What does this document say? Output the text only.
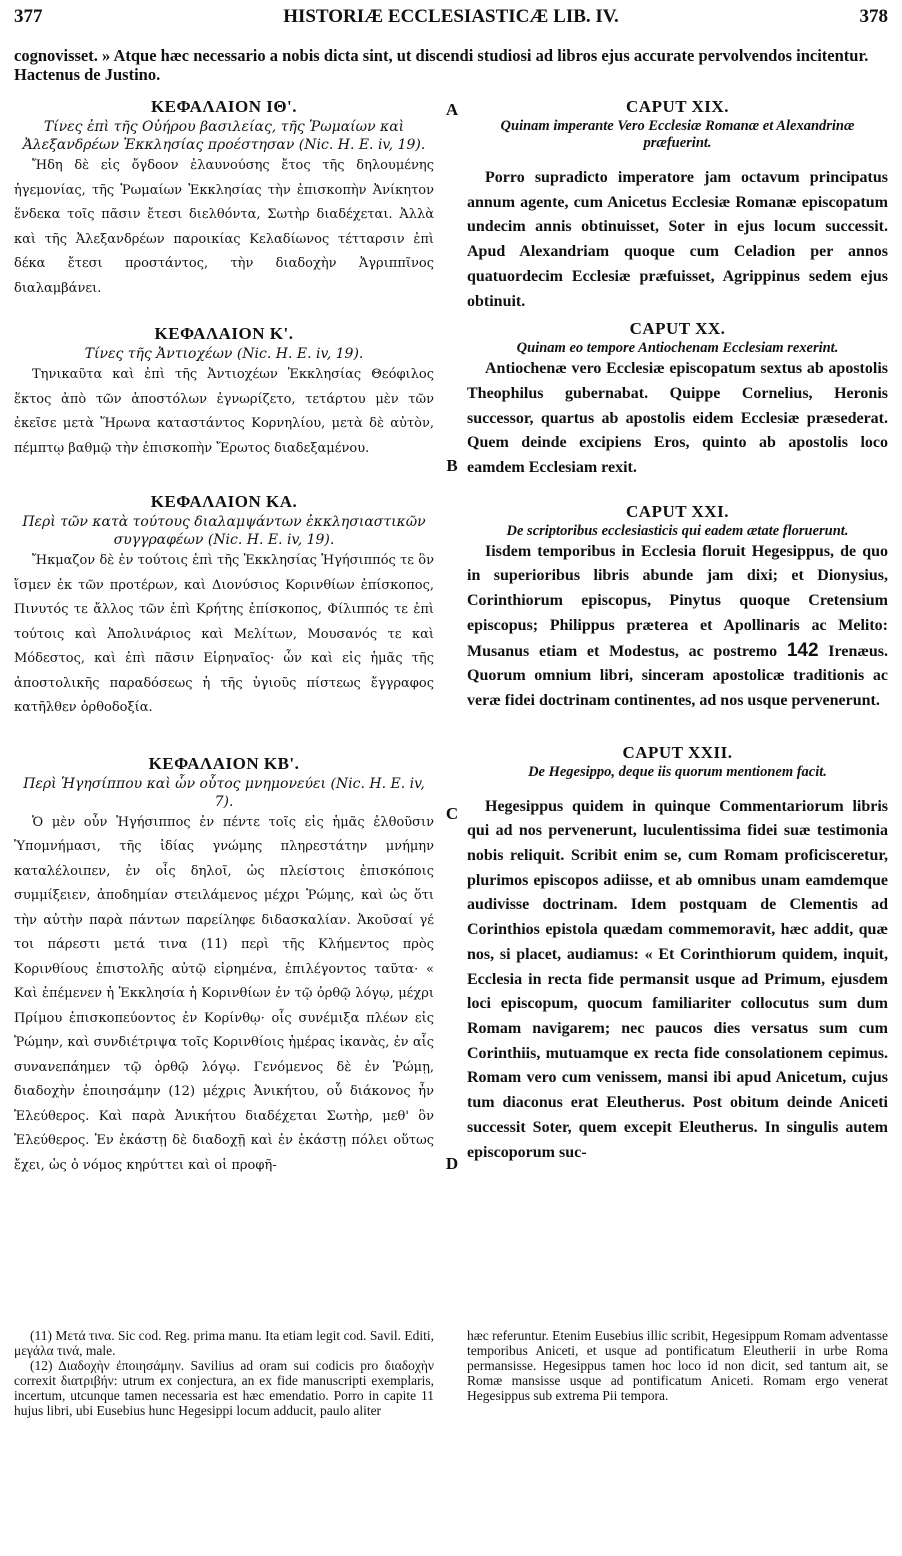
377	HISTORIÆ ECCLESIASTICÆ LIB. IV.	378
cognovisset. » Atque hæc necessario a nobis dicta sint, ut discendi studiosi ad libros ejus accurate pervolvendos incitentur. Hactenus de Justino.
ΚΕΦΑΛΑΙΟΝ ΙΘ'.
Τίνες ἐπὶ τῆς Οὐήρου βασιλείας, τῆς Ῥωμαίων καὶ Ἀλεξανδρέων Ἐκκλησίας προέστησαν (Nic. H. E. iv, 19).
Ἤδη δὲ εἰς ὄγδοον ἐλαυνούσης ἔτος τῆς δηλουμένης ἡγεμονίας, τῆς Ῥωμαίων Ἐκκλησίας τὴν ἐπισκοπὴν Ἀνίκητον ἕνδεκα τοῖς πᾶσιν ἔτεσι διελθόντα, Σωτὴρ διαδέχεται. Ἀλλὰ καὶ τῆς Ἀλεξανδρέων παροικίας Κελαδίωνος τέτταρσιν ἐπὶ δέκα ἔτεσι προστάντος, τὴν διαδοχὴν Ἀγριππῖνος διαλαμβάνει.
ΚΕΦΑΛΑΙΟΝ Κ'.
Τίνες τῆς Ἀντιοχέων (Nic. H. E. iv, 19).
Τηνικαῦτα καὶ ἐπὶ τῆς Ἀντιοχέων Ἐκκλησίας Θεόφιλος ἕκτος ἀπὸ τῶν ἀποστόλων ἐγνωρίζετο, τετάρτου μὲν τῶν ἐκεῖσε μετὰ Ἥρωνα καταστάντος Κορνηλίου, μετὰ δὲ αὐτὸν, πέμπτῳ βαθμῷ τὴν ἐπισκοπὴν Ἔρωτος διαδεξαμένου.
ΚΕΦΑΛΑΙΟΝ ΚΑ.
Περὶ τῶν κατὰ τούτους διαλαμψάντων ἐκκλησιαστικῶν συγγραφέων (Nic. H. E. iv, 19).
Ἤκμαζον δὲ ἐν τούτοις ἐπὶ τῆς Ἐκκλησίας Ἡγήσιππός τε ὃν ἴσμεν ἐκ τῶν προτέρων, καὶ Διονύσιος Κορινθίων ἐπίσκοπος, Πινυτός τε ἄλλος τῶν ἐπὶ Κρήτης ἐπίσκοπος, Φίλιππός τε ἐπὶ τούτοις καὶ Ἀπολινάριος καὶ Μελίτων, Μουσανός τε καὶ Μόδεστος, καὶ ἐπὶ πᾶσιν Εἰρηναῖος· ὧν καὶ εἰς ἡμᾶς τῆς ἀποστολικῆς παραδόσεως ἡ τῆς ὑγιοῦς πίστεως ἔγγραφος κατῆλθεν ὀρθοδοξία.
ΚΕΦΑΛΑΙΟΝ ΚΒ'.
Περὶ Ἡγησίππου καὶ ὧν οὗτος μνημονεύει (Nic. H. E. iv, 7).
Ὁ μὲν οὖν Ἡγήσιππος ἐν πέντε τοῖς εἰς ἡμᾶς ἐλθοῦσιν Ὑπομνήμασι, τῆς ἰδίας γνώμης πληρεστάτην μνήμην καταλέλοιπεν, ἐν οἷς δηλοῖ, ὡς πλείστοις ἐπισκόποις συμμίξειεν, ἀποδημίαν στειλάμενος μέχρι Ῥώμης, καὶ ὡς ὅτι τὴν αὐτὴν παρὰ πάντων παρείληφε διδασκαλίαν. Ἀκοῦσαί γέ τοι πάρεστι μετά τινα (11) περὶ τῆς Κλήμεντος πρὸς Κορινθίους ἐπιστολῆς αὐτῷ εἰρημένα, ἐπιλέγοντος ταῦτα· « Καὶ ἐπέμενεν ἡ Ἐκκλησία ἡ Κορινθίων ἐν τῷ ὀρθῷ λόγῳ, μέχρι Πρίμου ἐπισκοπεύοντος ἐν Κορίνθῳ· οἷς συνέμιξα πλέων εἰς Ῥώμην, καὶ συνδιέτριψα τοῖς Κορινθίοις ἡμέρας ἱκανὰς, ἐν αἷς συνανεπάημεν τῷ ὀρθῷ λόγῳ. Γενόμενος δὲ ἐν Ῥώμῃ, διαδοχὴν ἐποιησάμην (12) μέχρις Ἀνικήτου, οὗ διάκονος ἦν Ἐλεύθερος. Καὶ παρὰ Ἀνικήτου διαδέχεται Σωτὴρ, μεθ' ὃν Ἐλεύθερος. Ἐν ἑκάστῃ δὲ διαδοχῇ καὶ ἐν ἑκάστῃ πόλει οὕτως ἔχει, ὡς ὁ νόμος κηρύττει καὶ οἱ προφῆ-
A
B
C
D
CAPUT XIX.
Quinam imperante Vero Ecclesiæ Romanæ et Alexandrinæ præfuerint.
Porro supradicto imperatore jam octavum principatus annum agente, cum Anicetus Ecclesiæ Romanæ episcopatum undecim annis obtinuisset, Soter in ejus locum successit. Apud Alexandriam quoque cum Celadion per annos quatuordecim Ecclesiæ præfuisset, Agrippinus sedem ejus obtinuit.
CAPUT XX.
Quinam eo tempore Antiochenam Ecclesiam rexerint.
Antiochenæ vero Ecclesiæ episcopatum sextus ab apostolis Theophilus gubernabat. Quippe Cornelius, Heronis successor, quartus ab apostolis eidem Ecclesiæ præsederat. Quem deinde excipiens Eros, quinto ab apostolis loco eamdem Ecclesiam rexit.
CAPUT XXI.
De scriptoribus ecclesiasticis qui eadem ætate floruerunt.
Iisdem temporibus in Ecclesia floruit Hegesippus, de quo in superioribus libris abunde jam dixi; et Dionysius, Corinthiorum episcopus, Pinytus quoque Cretensium episcopus; Philippus præterea et Apollinaris ac Melito: Musanus etiam et Modestus, ac postremo 142 Irenæus. Quorum omnium libri, sinceram apostolicæ traditionis ac veræ fidei doctrinam continentes, ad nos usque pervenerunt.
CAPUT XXII.
De Hegesippo, deque iis quorum mentionem facit.
Hegesippus quidem in quinque Commentariorum libris qui ad nos pervenerunt, luculentissima fidei suæ testimonia nobis reliquit. Scribit enim se, cum Romam proficisceretur, plurimos episcopos adiisse, et ab omnibus unam eamdemque audivisse doctrinam. Idem postquam de Clementis ad Corinthios epistola quædam commemoravit, hæc addit, quæ nos, si placet, audiamus: « Et Corinthiorum quidem, inquit, Ecclesia in recta fide permansit usque ad Primum, ejusdem loci episcopum, quocum familiariter collocutus sum dum Romam navigarem; nec paucos dies versatus sum cum Corinthiis, mutuamque ex recta fide consolationem cepimus. Romam vero cum venissem, mansi ibi apud Anicetum, cujus tum diaconus erat Eleutherus. Post obitum deinde Aniceti successit Soter, quem excepit Eleutherus. In singulis autem episcoporum suc-

(11) Μετά τινα. Sic cod. Reg. prima manu. Ita etiam legit cod. Savil. Editi, μεγάλα τινά, male.

(12) Διαδοχὴν ἐποιησάμην. Savilius ad oram sui codicis pro διαδοχὴν correxit διατριβήν: utrum ex conjectura, an ex fide manuscripti exemplaris, incertum, utcunque tamen necessaria est hæc emendatio. Porro in capite 11 hujus libri, ubi Eusebius hunc Hegesippi locum adducit, paulo aliter

hæc referuntur. Etenim Eusebius illic scribit, Hegesippum Romam adventasse temporibus Aniceti, et usque ad pontificatum Eleutherii in urbe Roma permansisse. Hegesippus tamen hoc loco id non dicit, sed tantum ait, se Romæ mansisse usque ad pontificatum Aniceti. Romam ergo venerat Hegesippus sub extrema Pii tempora.
